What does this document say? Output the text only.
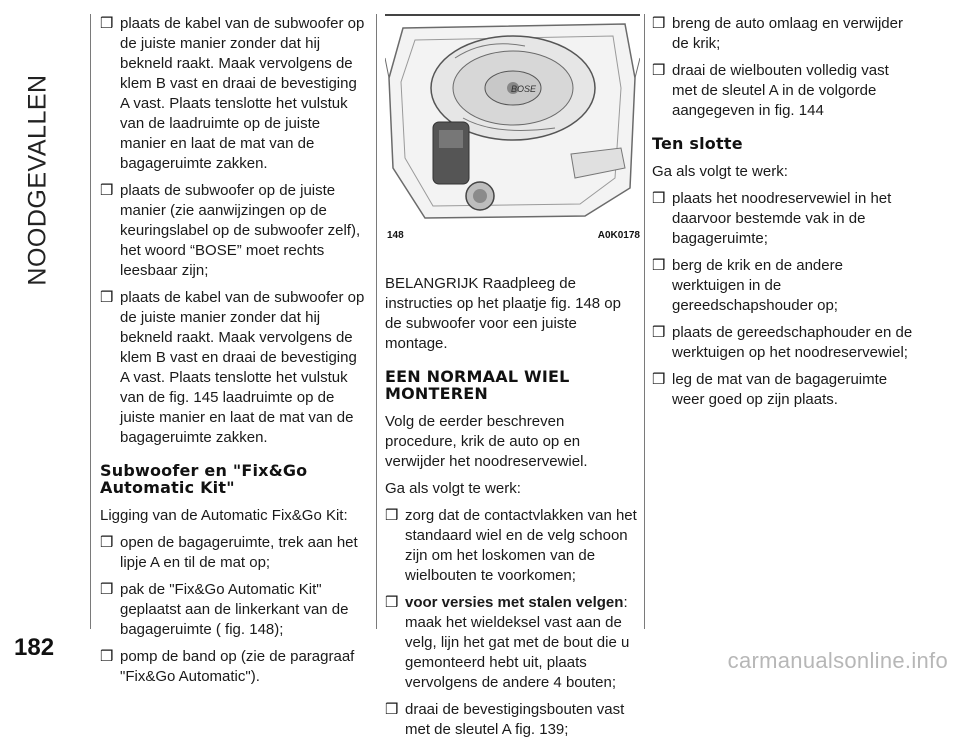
NOODGEVALLEN
182
❒ plaats de kabel van de subwoofer op de juiste manier zonder dat hij bekneld raakt. Maak vervolgens de klem B vast en draai de bevestiging A vast. Plaats tenslotte het vulstuk van de laadruimte op de juiste manier en laat de mat van de bagageruimte zakken.
❒ plaats de subwoofer op de juiste manier (zie aanwijzingen op de keuringslabel op de subwoofer zelf), het woord “BOSE” moet rechts leesbaar zijn;
❒ plaats de kabel van de subwoofer op de juiste manier zonder dat hij bekneld raakt. Maak vervolgens de klem B vast en draai de bevestiging A vast. Plaats tenslotte het vulstuk van de fig. 145 laadruimte op de juiste manier en laat de mat van de bagageruimte zakken.
Subwoofer en "Fix&Go Automatic Kit"

Ligging van de Automatic Fix&Go Kit:

❒ open de bagageruimte, trek aan het lipje A en til de mat op;
❒ pak de "Fix&Go Automatic Kit" geplaatst aan de linkerkant van de bagageruimte ( fig. 148);
❒ pomp de band op (zie de paragraaf "Fix&Go Automatic").
BOSE
148	A0K0178

BELANGRIJK Raadpleeg de instructies op het plaatje fig. 148 op de subwoofer voor een juiste montage.

EEN NORMAAL WIEL MONTEREN

Volg de eerder beschreven procedure, krik de auto op en verwijder het noodreservewiel.

Ga als volgt te werk:

❒ zorg dat de contactvlakken van het standaard wiel en de velg schoon zijn om het loskomen van de wielbouten te voorkomen;
❒ voor versies met stalen velgen: maak het wieldeksel vast aan de velg, lijn het gat met de bout die u gemonteerd hebt uit, plaats vervolgens de andere 4 bouten;
❒ draai de bevestigingsbouten vast met de sleutel A fig. 139;
❒ breng de auto omlaag en verwijder de krik;
❒ draai de wielbouten volledig vast met de sleutel A in de volgorde aangegeven in fig. 144
Ten slotte

Ga als volgt te werk:

❒ plaats het noodreservewiel in het daarvoor bestemde vak in de bagageruimte;
❒ berg de krik en de andere werktuigen in de gereedschapshouder op;
❒ plaats de gereedschaphouder en de werktuigen op het noodreservewiel;
❒ leg de mat van de bagageruimte weer goed op zijn plaats.
carmanualsonline.info
